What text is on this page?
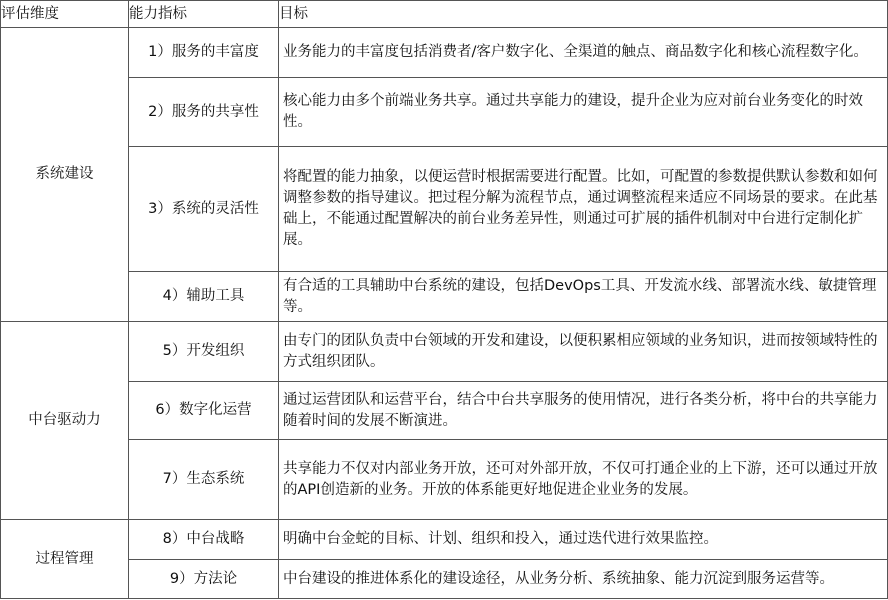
评估维度	能力指标	目标
系统建设	1）服务的丰富度	业务能力的丰富度包括消费者/客户数字化、全渠道的触点、商品数字化和核心流程数字化。
	2）服务的共享性	核心能力由多个前端业务共享。通过共享能力的建设，提升企业为应对前台业务变化的时效性。
	3）系统的灵活性	将配置的能力抽象，以便运营时根据需要进行配置。比如，可配置的参数提供默认参数和如何调整参数的指导建议。把过程分解为流程节点，通过调整流程来适应不同场景的要求。在此基础上，不能通过配置解决的前台业务差异性，则通过可扩展的插件机制对中台进行定制化扩展。
	4）辅助工具	有合适的工具辅助中台系统的建设，包括DevOps工具、开发流水线、部署流水线、敏捷管理等。
中台驱动力	5）开发组织	由专门的团队负责中台领域的开发和建设，以便积累相应领域的业务知识，进而按领域特性的方式组织团队。
	6）数字化运营	通过运营团队和运营平台，结合中台共享服务的使用情况，进行各类分析，将中台的共享能力随着时间的发展不断演进。
	7）生态系统	共享能力不仅对内部业务开放，还可对外部开放，不仅可打通企业的上下游，还可以通过开放的API创造新的业务。开放的体系能更好地促进企业业务的发展。
过程管理	8）中台战略	明确中台金蛇的目标、计划、组织和投入，通过迭代进行效果监控。
	9）方法论	中台建设的推进体系化的建设途径，从业务分析、系统抽象、能力沉淀到服务运营等。
